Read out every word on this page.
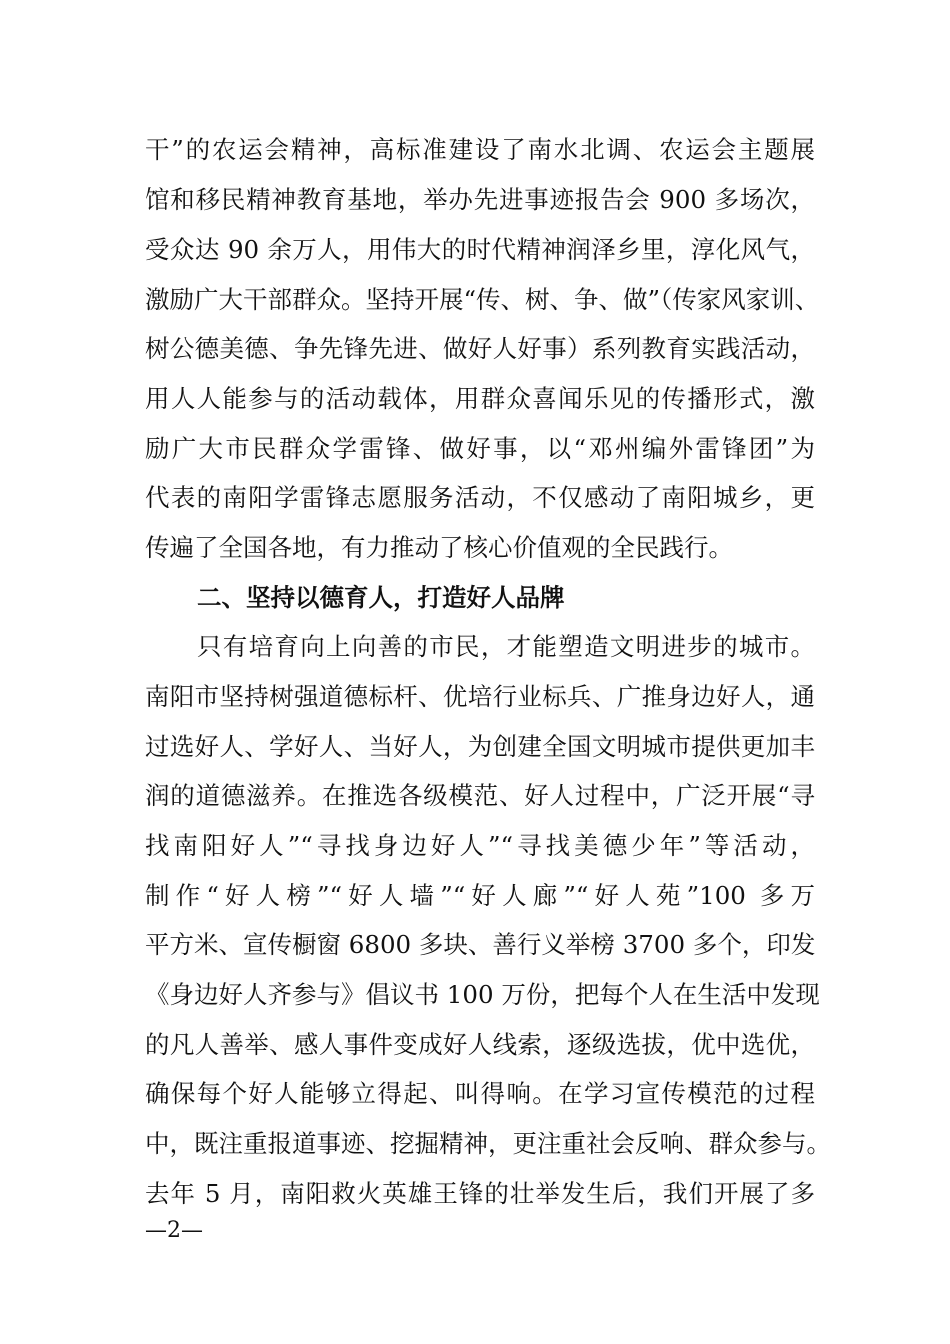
干”的农运会精神，高标准建设了南水北调、农运会主题展
馆和移民精神教育基地，举办先进事迹报告会 900 多场次，
受众达 90 余万人，用伟大的时代精神润泽乡里，淳化风气，
激励广大干部群众。坚持开展“传、树、争、做”（传家风家训、
树公德美德、争先锋先进、做好人好事）系列教育实践活动，
用人人能参与的活动载体，用群众喜闻乐见的传播形式，激
励广大市民群众学雷锋、做好事，以“邓州编外雷锋团”为
代表的南阳学雷锋志愿服务活动，不仅感动了南阳城乡，更
传遍了全国各地，有力推动了核心价值观的全民践行。
二、坚持以德育人，打造好人品牌
只有培育向上向善的市民，才能塑造文明进步的城市。
南阳市坚持树强道德标杆、优培行业标兵、广推身边好人，通
过选好人、学好人、当好人，为创建全国文明城市提供更加丰
润的道德滋养。在推选各级模范、好人过程中，广泛开展“寻
找南阳好人”“寻找身边好人”“寻找美德少年”等活动，
制作“好人榜”“好人墙”“好人廊”“好人苑”100 多万
平方米、宣传橱窗 6800 多块、善行义举榜 3700 多个，印发
《身边好人齐参与》倡议书 100 万份，把每个人在生活中发现
的凡人善举、感人事件变成好人线索，逐级选拔，优中选优，
确保每个好人能够立得起、叫得响。在学习宣传模范的过程
中，既注重报道事迹、挖掘精神，更注重社会反响、群众参与。
去年 5 月，南阳救火英雄王锋的壮举发生后，我们开展了多
—2—
